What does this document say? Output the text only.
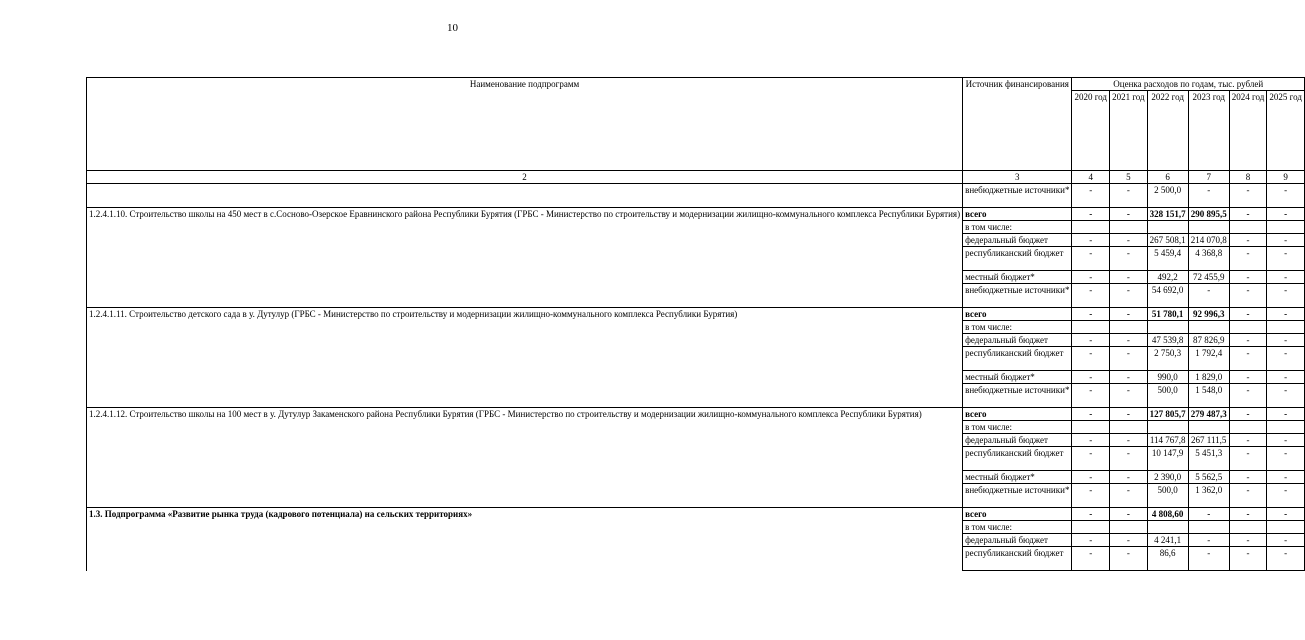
10
Наименование подпрограмм	Источник финансирования	Оценка расходов по годам, тыс. рублей					
		2020 год	2021 год	2022 год	2023 год	2024 год	2025 год
2	3	4	5	6	7	8	9
	внебюджетные источники*	-	-	2 500,0	-	-	-
1.2.4.1.10. Строительство школы на 450 мест в с.Сосново-Озерское Еравнинского района Республики Бурятия (ГРБС - Министерство по строительству и модернизации жилищно-коммунального комплекса Республики Бурятия)	всего	-	-	328 151,7	290 895,5	-	-
	в том числе:						
	федеральный бюджет	-	-	267 508,1	214 070,8	-	-
	республиканский бюджет	-	-	5 459,4	4 368,8	-	-
	местный бюджет*	-	-	492,2	72 455,9	-	-
	внебюджетные источники*	-	-	54 692,0	-	-	-
1.2.4.1.11. Строительство детского сада в у. Дутулур (ГРБС - Министерство по строительству и модернизации жилищно-коммунального комплекса Республики Бурятия)	всего	-	-	51 780,1	92 996,3	-	-
	в том числе:						
	федеральный бюджет	-	-	47 539,8	87 826,9	-	-
	республиканский бюджет	-	-	2 750,3	1 792,4	-	-
	местный бюджет*	-	-	990,0	1 829,0	-	-
	внебюджетные источники*	-	-	500,0	1 548,0	-	-
1.2.4.1.12. Строительство школы на 100 мест в у. Дутулур Закаменского района Республики Бурятия (ГРБС - Министерство по строительству и модернизации жилищно-коммунального комплекса Республики Бурятия)	всего	-	-	127 805,7	279 487,3	-	-
	в том числе:						
	федеральный бюджет	-	-	114 767,8	267 111,5	-	-
	республиканский бюджет	-	-	10 147,9	5 451,3	-	-
	местный бюджет*	-	-	2 390,0	5 562,5	-	-
	внебюджетные источники*	-	-	500,0	1 362,0	-	-
1.3. Подпрограмма «Развитие рынка труда (кадрового потенциала) на сельских территориях»	всего	-	-	4 808,60	-	-	-
	в том числе:						
	федеральный бюджет	-	-	4 241,1	-	-	-
	республиканский бюджет	-	-	86,6	-	-	-
